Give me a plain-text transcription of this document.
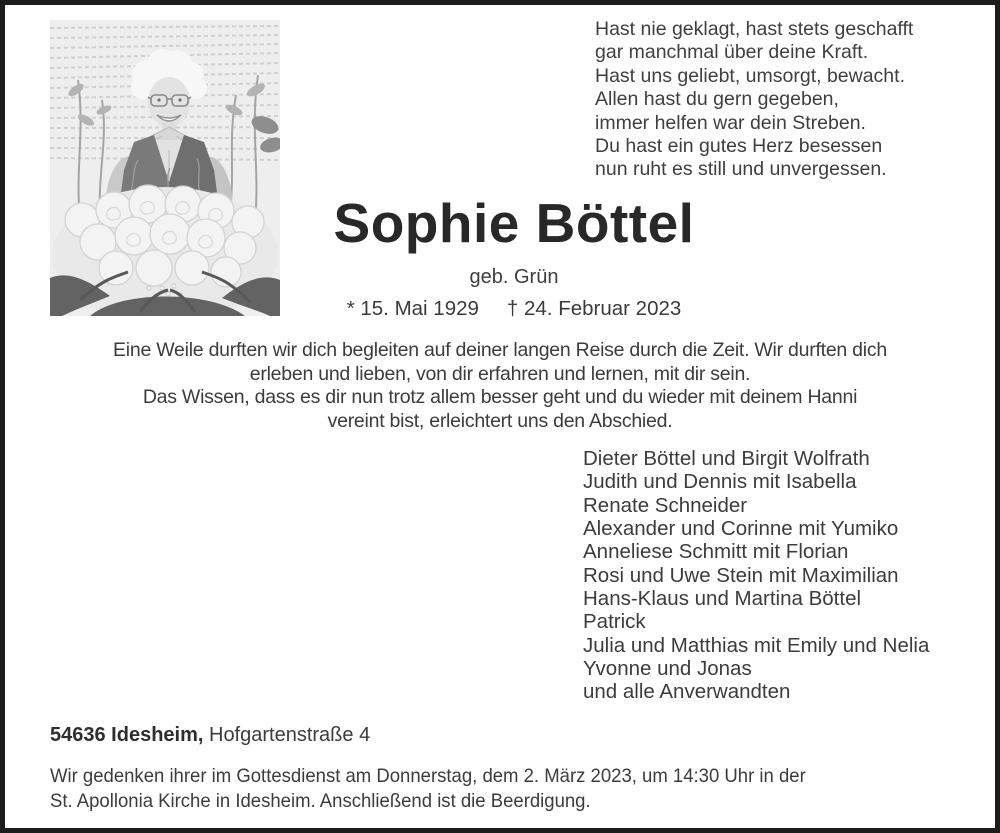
Hast nie geklagt, hast stets geschafft
gar manchmal über deine Kraft.
Hast uns geliebt, umsorgt, bewacht.
Allen hast du gern gegeben,
immer helfen war dein Streben.
Du hast ein gutes Herz besessen
nun ruht es still und unvergessen.
Sophie Böttel
geb. Grün
* 15. Mai 1929 † 24. Februar 2023
Eine Weile durften wir dich begleiten auf deiner langen Reise durch die Zeit. Wir durften dich
erleben und lieben, von dir erfahren und lernen, mit dir sein.
Das Wissen, dass es dir nun trotz allem besser geht und du wieder mit deinem Hanni
vereint bist, erleichtert uns den Abschied.
Dieter Böttel und Birgit Wolfrath
Judith und Dennis mit Isabella
Renate Schneider
Alexander und Corinne mit Yumiko
Anneliese Schmitt mit Florian
Rosi und Uwe Stein mit Maximilian
Hans-Klaus und Martina Böttel
Patrick
Julia und Matthias mit Emily und Nelia
Yvonne und Jonas
und alle Anverwandten
54636 Idesheim, Hofgartenstraße 4
Wir gedenken ihrer im Gottesdienst am Donnerstag, dem 2. März 2023, um 14:30 Uhr in der
St. Apollonia Kirche in Idesheim. Anschließend ist die Beerdigung.
